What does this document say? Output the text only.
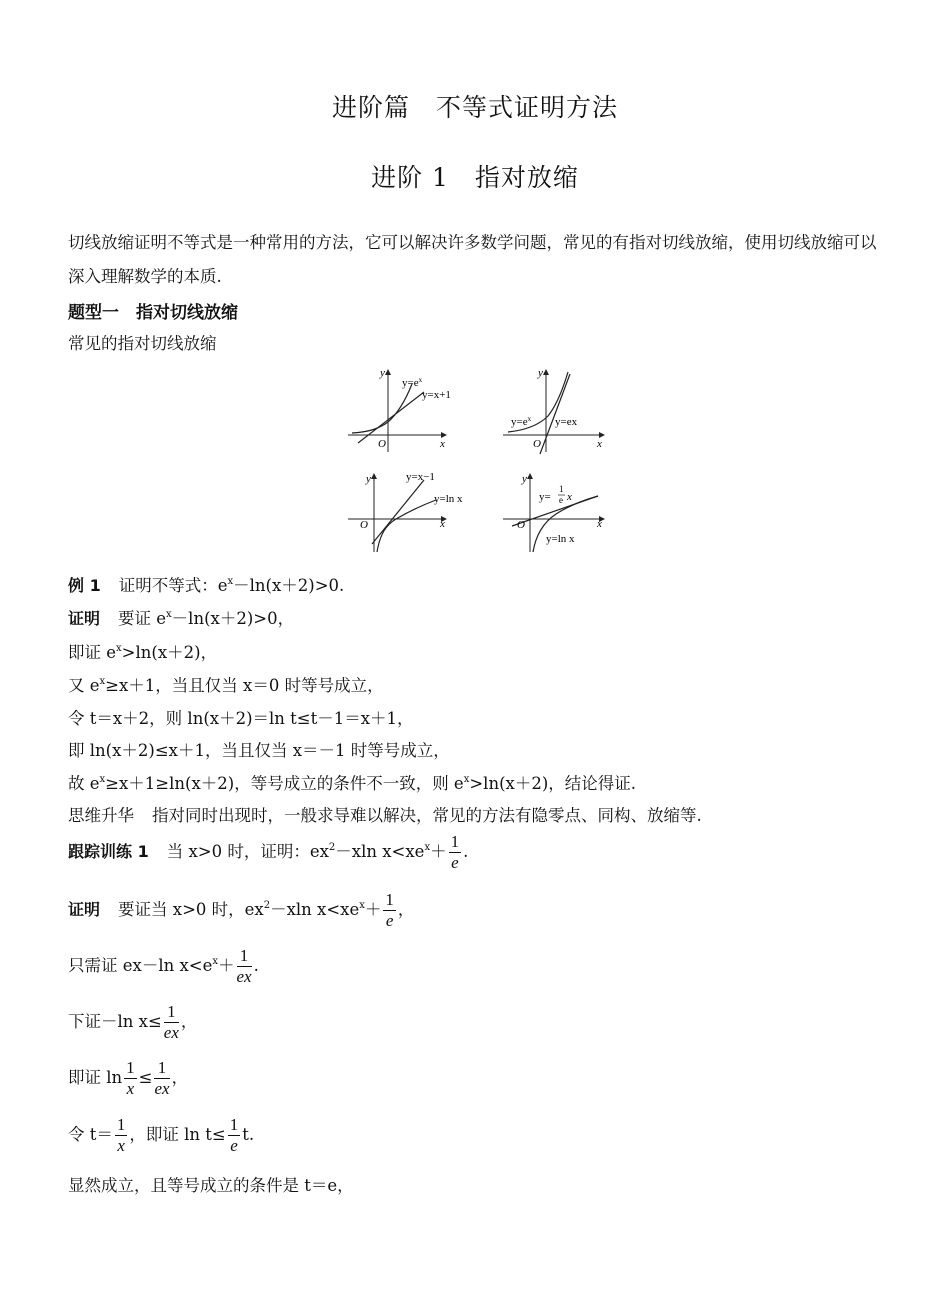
进阶篇　不等式证明方法
进阶 1　指对放缩
切线放缩证明不等式是一种常用的方法，它可以解决许多数学问题，常见的有指对切线放缩，使用切线放缩可以深入理解数学的本质.
题型一　指对切线放缩
常见的指对切线放缩
y
x
O
$y=e^x$
y=x+1
y
x
O
$y=e^x$ y=ex
y
x
O
y=x−1
y=ln x
y
x
O
y=
1
e x
y=ln x
例 1 证明不等式：$e^x-\ln(x+2)>0$.
证明 要证 $e^x-\ln(x+2)>0$，
即证 $e^x>\ln(x+2)$，
又 $e^x\ge x+1$，当且仅当 x＝0 时等号成立，
令 t＝x＋2，则 ln(x＋2)＝ln t≤t－1＝x＋1，
即 ln(x＋2)≤x＋1，当且仅当 x＝－1 时等号成立，
故 $e^x\ge x+1\ge\ln(x+2)$，等号成立的条件不一致，则 $e^x>\ln(x+2)$，结论得证.
思维升华 指对同时出现时，一般求导难以解决，常见的方法有隐零点、同构、放缩等.
跟踪训练 1 当 x>0 时，证明：$ex^2-xln$ $x<xe^x+ \frac{1}{e}$ .
证明 要证当 x>0 时，$ex^2-xln$ $x<xe^x+ \frac{1}{e}$ ，
只需证 ex－ln $x<e^x+ \frac{1}{ex}$ .
下证－ln $x\le \frac{1}{ex}$ ，
即证 $\ln \frac{1}{x} \le \frac{1}{ex}$ ，
令 $t= \frac{1}{x}$ ，即证 $\ln t\le \frac{1}{e} t$.
显然成立，且等号成立的条件是 t＝e，
